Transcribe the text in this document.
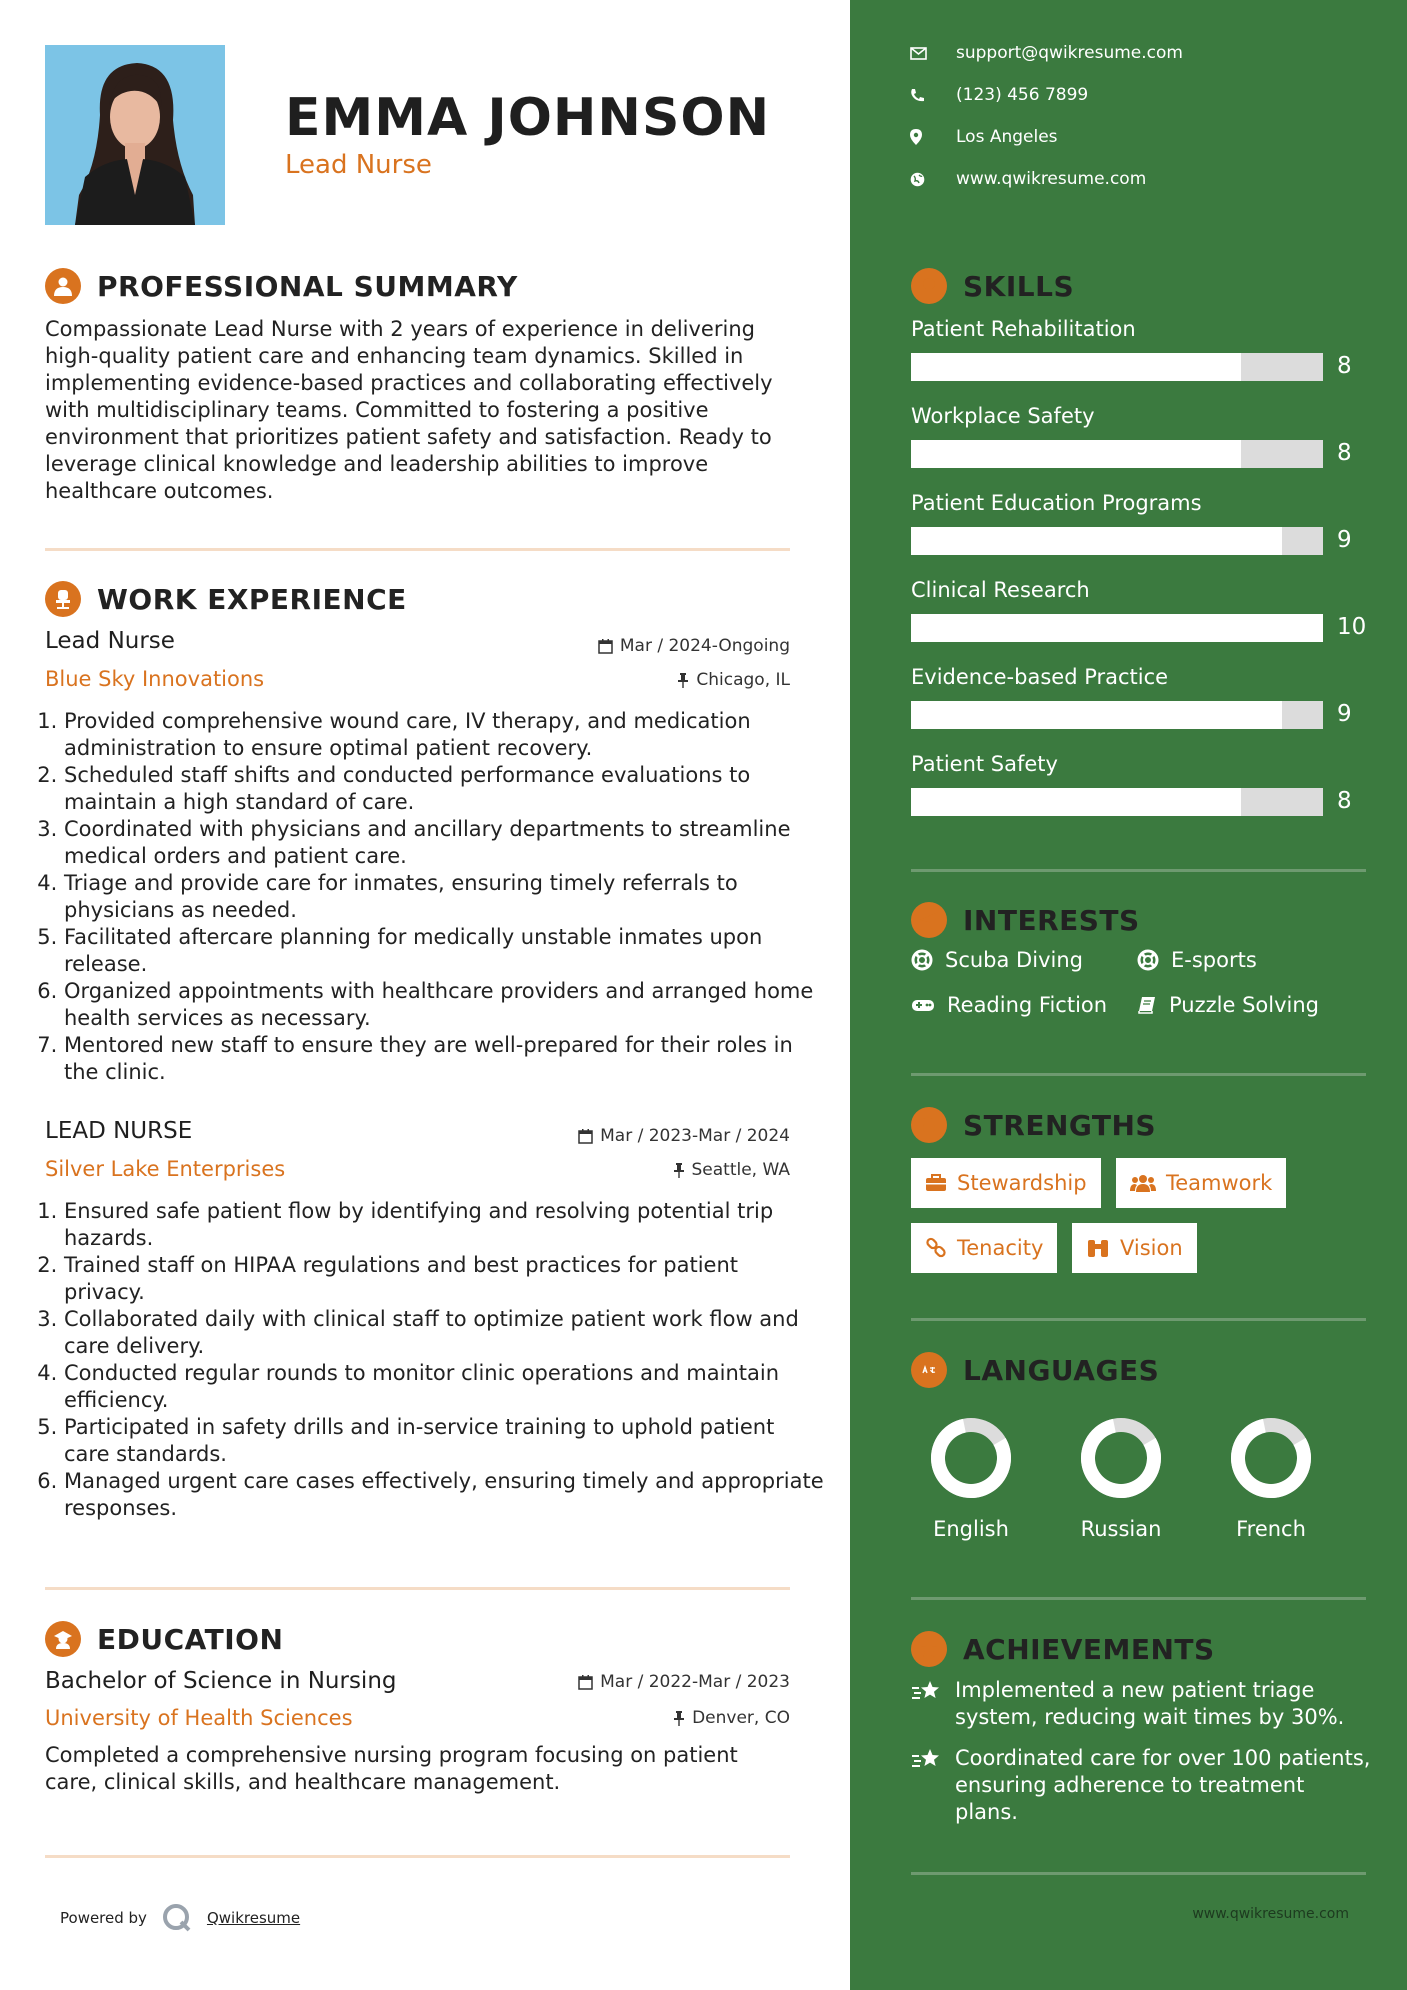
EMMA JOHNSON
Lead Nurse
PROFESSIONAL SUMMARY
Compassionate Lead Nurse with 2 years of experience in delivering high-quality patient care and enhancing team dynamics. Skilled in implementing evidence-based practices and collaborating effectively with multidisciplinary teams. Committed to fostering a positive environment that prioritizes patient safety and satisfaction. Ready to leverage clinical knowledge and leadership abilities to improve healthcare outcomes.
WORK EXPERIENCE
Lead Nurse	Mar / 2024-Ongoing
Blue Sky Innovations	Chicago, IL
1. Provided comprehensive wound care, IV therapy, and medication administration to ensure optimal patient recovery.
2. Scheduled staff shifts and conducted performance evaluations to maintain a high standard of care.
3. Coordinated with physicians and ancillary departments to streamline medical orders and patient care.
4. Triage and provide care for inmates, ensuring timely referrals to physicians as needed.
5. Facilitated aftercare planning for medically unstable inmates upon release.
6. Organized appointments with healthcare providers and arranged home health services as necessary.
7. Mentored new staff to ensure they are well-prepared for their roles in the clinic.
LEAD NURSE	Mar / 2023-Mar / 2024
Silver Lake Enterprises	Seattle, WA
1. Ensured safe patient flow by identifying and resolving potential trip hazards.
2. Trained staff on HIPAA regulations and best practices for patient privacy.
3. Collaborated daily with clinical staff to optimize patient work flow and care delivery.
4. Conducted regular rounds to monitor clinic operations and maintain efficiency.
5. Participated in safety drills and in-service training to uphold patient care standards.
6. Managed urgent care cases effectively, ensuring timely and appropriate responses.
EDUCATION
Bachelor of Science in Nursing	Mar / 2022-Mar / 2023
University of Health Sciences	Denver, CO
Completed a comprehensive nursing program focusing on patient care, clinical skills, and healthcare management.
Powered by	Qwikresume
support@qwikresume.com
(123) 456 7899
Los Angeles
www.qwikresume.com
SKILLS
Patient Rehabilitation
8
Workplace Safety
8
Patient Education Programs
9
Clinical Research
10
Evidence-based Practice
9
Patient Safety
8
INTERESTS
Scuba Diving	E-sports
Reading Fiction	Puzzle Solving
STRENGTHS
Stewardship	Teamwork
Tenacity	Vision
LANGUAGES
English	Russian	French
ACHIEVEMENTS
Implemented a new patient triage system, reducing wait times by 30%.
Coordinated care for over 100 patients, ensuring adherence to treatment plans.
www.qwikresume.com
